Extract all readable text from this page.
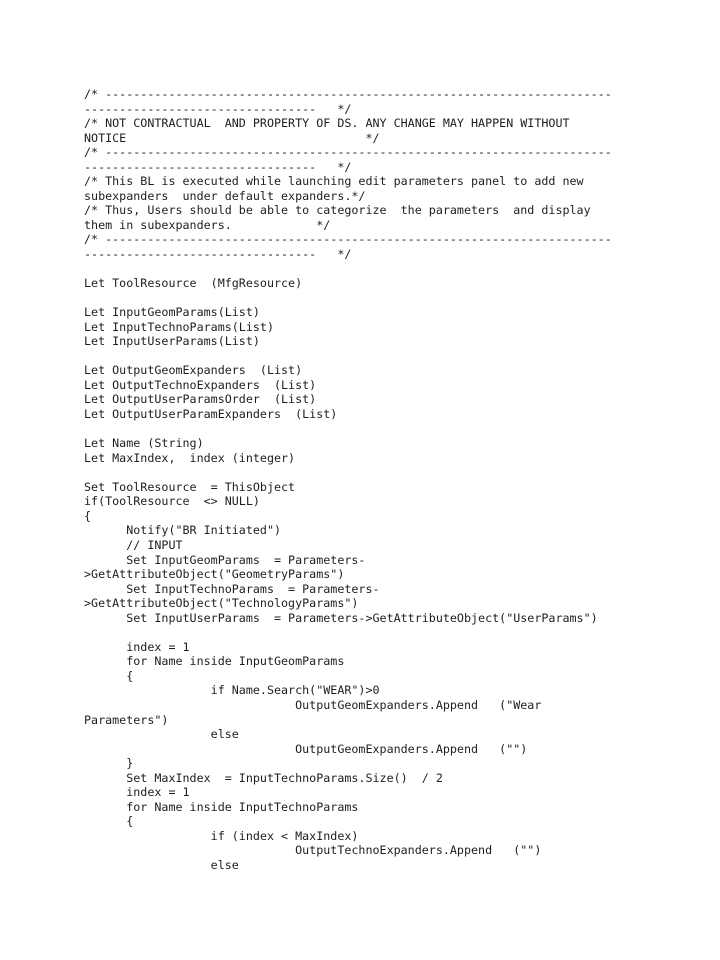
/* ------------------------------------------------------------------------
---------------------------------   */
/* NOT CONTRACTUAL  AND PROPERTY OF DS. ANY CHANGE MAY HAPPEN WITHOUT
NOTICE                                  */
/* ------------------------------------------------------------------------
---------------------------------   */
/* This BL is executed while launching edit parameters panel to add new
subexpanders  under default expanders.*/
/* Thus, Users should be able to categorize  the parameters  and display
them in subexpanders.            */
/* ------------------------------------------------------------------------
---------------------------------   */
Let ToolResource  (MfgResource)
Let InputGeomParams(List)
Let InputTechnoParams(List)
Let InputUserParams(List)
Let OutputGeomExpanders  (List)
Let OutputTechnoExpanders  (List)
Let OutputUserParamsOrder  (List)
Let OutputUserParamExpanders  (List)
Let Name (String)
Let MaxIndex,  index (integer)
Set ToolResource  = ThisObject
if(ToolResource  <> NULL)
{
Notify("BR Initiated")
// INPUT
Set InputGeomParams  = Parameters-
>GetAttributeObject("GeometryParams")
Set InputTechnoParams  = Parameters-
>GetAttributeObject("TechnologyParams")
Set InputUserParams  = Parameters->GetAttributeObject("UserParams")
index = 1
for Name inside InputGeomParams
{
if Name.Search("WEAR")>0
OutputGeomExpanders.Append   ("Wear
Parameters")
else
OutputGeomExpanders.Append   ("")
}
Set MaxIndex  = InputTechnoParams.Size()  / 2
index = 1
for Name inside InputTechnoParams
{
if (index < MaxIndex)
OutputTechnoExpanders.Append   ("")
else
